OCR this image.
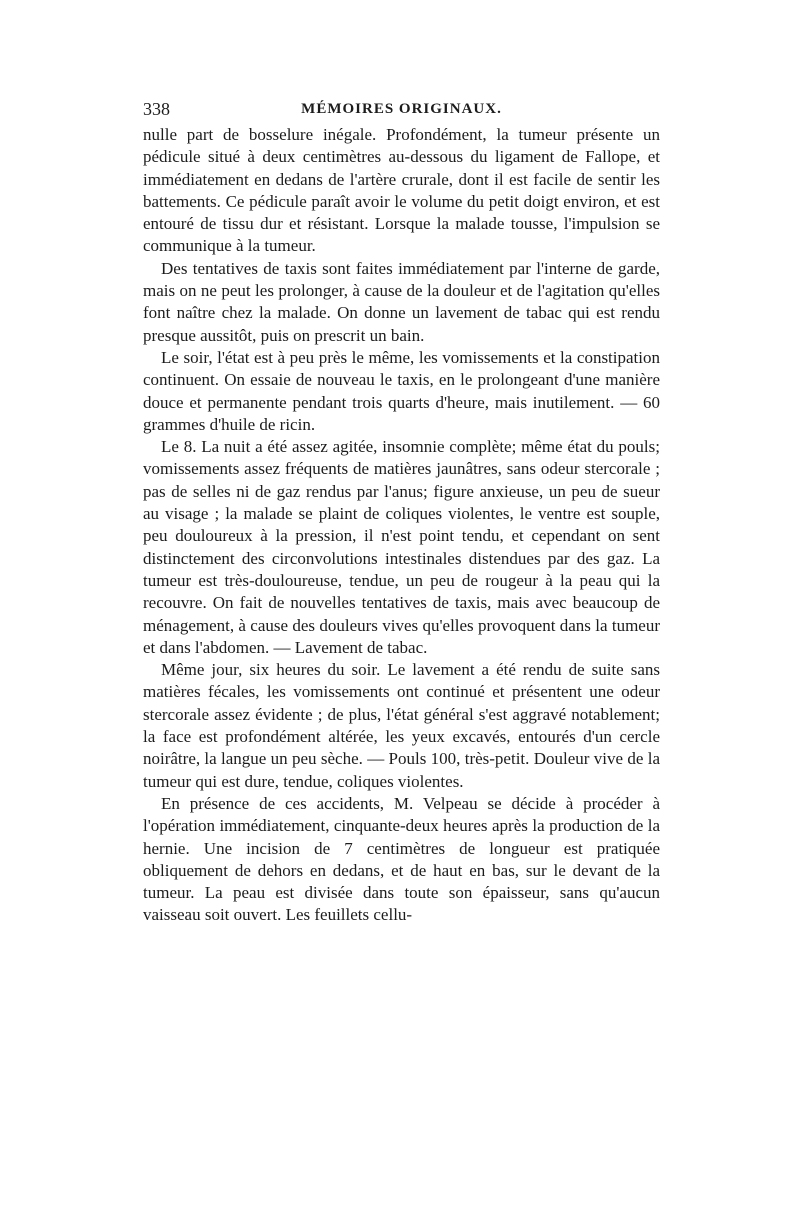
338	MÉMOIRES ORIGINAUX.

nulle part de bosselure inégale. Profondément, la tumeur présente un pédicule situé à deux centimètres au-dessous du ligament de Fallope, et immédiatement en dedans de l'artère crurale, dont il est facile de sentir les battements. Ce pédicule paraît avoir le volume du petit doigt environ, et est entouré de tissu dur et résistant. Lorsque la malade tousse, l'impulsion se communique à la tumeur.

Des tentatives de taxis sont faites immédiatement par l'interne de garde, mais on ne peut les prolonger, à cause de la douleur et de l'agitation qu'elles font naître chez la malade. On donne un lavement de tabac qui est rendu presque aussitôt, puis on prescrit un bain.

Le soir, l'état est à peu près le même, les vomissements et la constipation continuent. On essaie de nouveau le taxis, en le prolongeant d'une manière douce et permanente pendant trois quarts d'heure, mais inutilement. — 60 grammes d'huile de ricin.

Le 8. La nuit a été assez agitée, insomnie complète; même état du pouls; vomissements assez fréquents de matières jaunâtres, sans odeur stercorale ; pas de selles ni de gaz rendus par l'anus; figure anxieuse, un peu de sueur au visage ; la malade se plaint de coliques violentes, le ventre est souple, peu douloureux à la pression, il n'est point tendu, et cependant on sent distinctement des circonvolutions intestinales distendues par des gaz. La tumeur est très-douloureuse, tendue, un peu de rougeur à la peau qui la recouvre. On fait de nouvelles tentatives de taxis, mais avec beaucoup de ménagement, à cause des douleurs vives qu'elles provoquent dans la tumeur et dans l'abdomen. — Lavement de tabac.

Même jour, six heures du soir. Le lavement a été rendu de suite sans matières fécales, les vomissements ont continué et présentent une odeur stercorale assez évidente ; de plus, l'état général s'est aggravé notablement; la face est profondément altérée, les yeux excavés, entourés d'un cercle noirâtre, la langue un peu sèche. — Pouls 100, très-petit. Douleur vive de la tumeur qui est dure, tendue, coliques violentes.

En présence de ces accidents, M. Velpeau se décide à procéder à l'opération immédiatement, cinquante-deux heures après la production de la hernie. Une incision de 7 centimètres de longueur est pratiquée obliquement de dehors en dedans, et de haut en bas, sur le devant de la tumeur. La peau est divisée dans toute son épaisseur, sans qu'aucun vaisseau soit ouvert. Les feuillets cellu-
